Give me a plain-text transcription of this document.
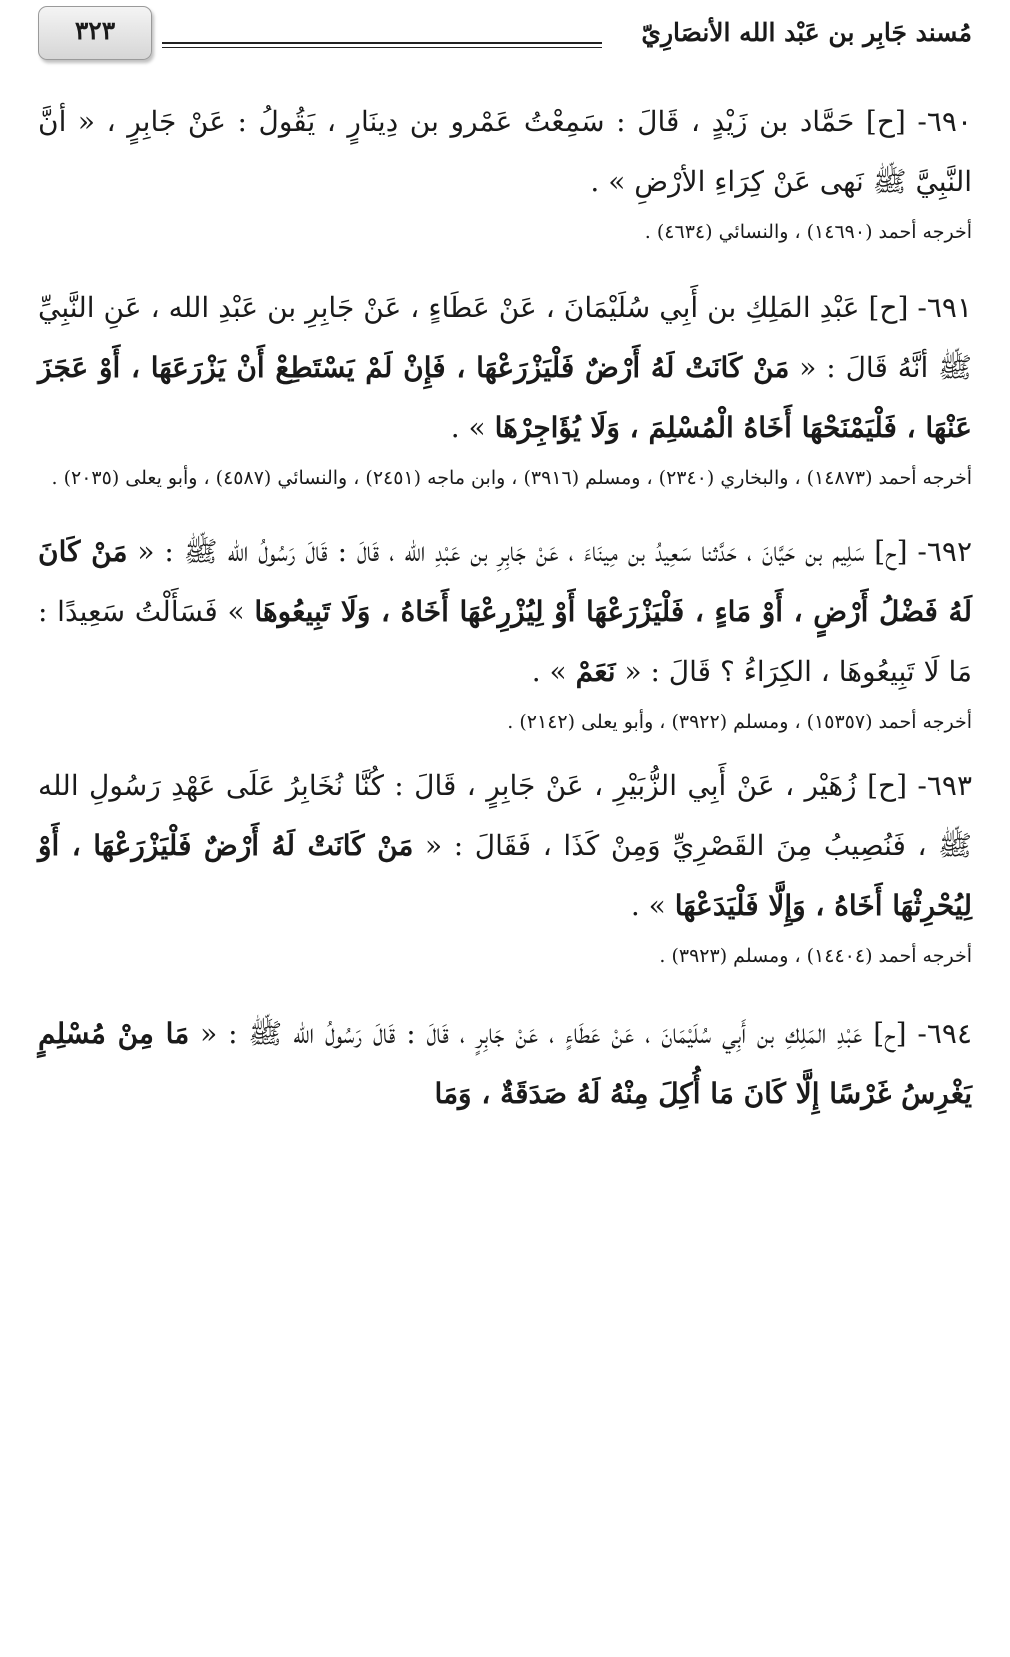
مُسند جَابِر بن عَبْد الله الأنصَارِيّ
٣٢٣

٦٩٠- [ح] حَمَّاد بن زَيْدٍ ، قَالَ : سَمِعْتُ عَمْرو بن دِينَارٍ ، يَقُولُ : عَنْ جَابِرٍ ، « أنَّ النَّبِيَّ ﷺ نَهى عَنْ كِرَاءِ الأرْضِ » .

أخرجه أحمد (١٤٦٩٠) ، والنسائي (٤٦٣٤) .

٦٩١- [ح] عَبْدِ المَلِكِ بن أَبِي سُلَيْمَانَ ، عَنْ عَطَاءٍ ، عَنْ جَابِرِ بن عَبْدِ الله ، عَنِ النَّبِيِّ ﷺ أنَّهُ قَالَ : « مَنْ كَانَتْ لَهُ أَرْضٌ فَلْيَزْرَعْهَا ، فَإِنْ لَمْ يَسْتَطِعْ أَنْ يَزْرَعَهَا ، أَوْ عَجَزَ عَنْهَا ، فَلْيَمْنَحْهَا أَخَاهُ الْمُسْلِمَ ، وَلَا يُؤَاجِرْهَا » .

أخرجه أحمد (١٤٨٧٣) ، والبخاري (٢٣٤٠) ، ومسلم (٣٩١٦) ، وابن ماجه (٢٤٥١) ، والنسائي (٤٥٨٧) ، وأبو يعلى (٢٠٣٥) .

٦٩٢- [ح] سَلِيم بن حَيَّانَ ، حَدَّثنا سَعِيدُ بن مِينَاءَ ، عَنْ جَابِرِ بن عَبْدِ الله ، قَالَ : قَالَ رَسُولُ الله ﷺ : « مَنْ كَانَ لَهُ فَضْلُ أَرْضٍ ، أَوْ مَاءٍ ، فَلْيَزْرَعْهَا أَوْ لِيُزْرِعْهَا أَخَاهُ ، وَلَا تَبِيعُوهَا » فَسَأَلْتُ سَعِيدًا : مَا لَا تَبِيعُوهَا ، الكِرَاءُ ؟ قَالَ : « نَعَمْ » .

أخرجه أحمد (١٥٣٥٧) ، ومسلم (٣٩٢٢) ، وأبو يعلى (٢١٤٢) .

٦٩٣- [ح] زُهَيْر ، عَنْ أَبِي الزُّبَيْرِ ، عَنْ جَابِرٍ ، قَالَ : كُنَّا نُخَابِرُ عَلَى عَهْدِ رَسُولِ الله ﷺ ، فَنُصِيبُ مِنَ القَصْرِيِّ وَمِنْ كَذَا ، فَقَالَ : « مَنْ كَانَتْ لَهُ أَرْضٌ فَلْيَزْرَعْهَا ، أَوْ لِيُحْرِثْهَا أَخَاهُ ، وَإِلَّا فَلْيَدَعْهَا » .

أخرجه أحمد (١٤٤٠٤) ، ومسلم (٣٩٢٣) .

٦٩٤- [ح] عَبْدِ المَلِكِ بن أَبِي سُلَيْمَانَ ، عَنْ عَطَاءٍ ، عَنْ جَابِرٍ ، قَالَ : قَالَ رَسُولُ الله ﷺ : « مَا مِنْ مُسْلِمٍ يَغْرِسُ غَرْسًا إِلَّا كَانَ مَا أُكِلَ مِنْهُ لَهُ صَدَقَةٌ ، وَمَا
